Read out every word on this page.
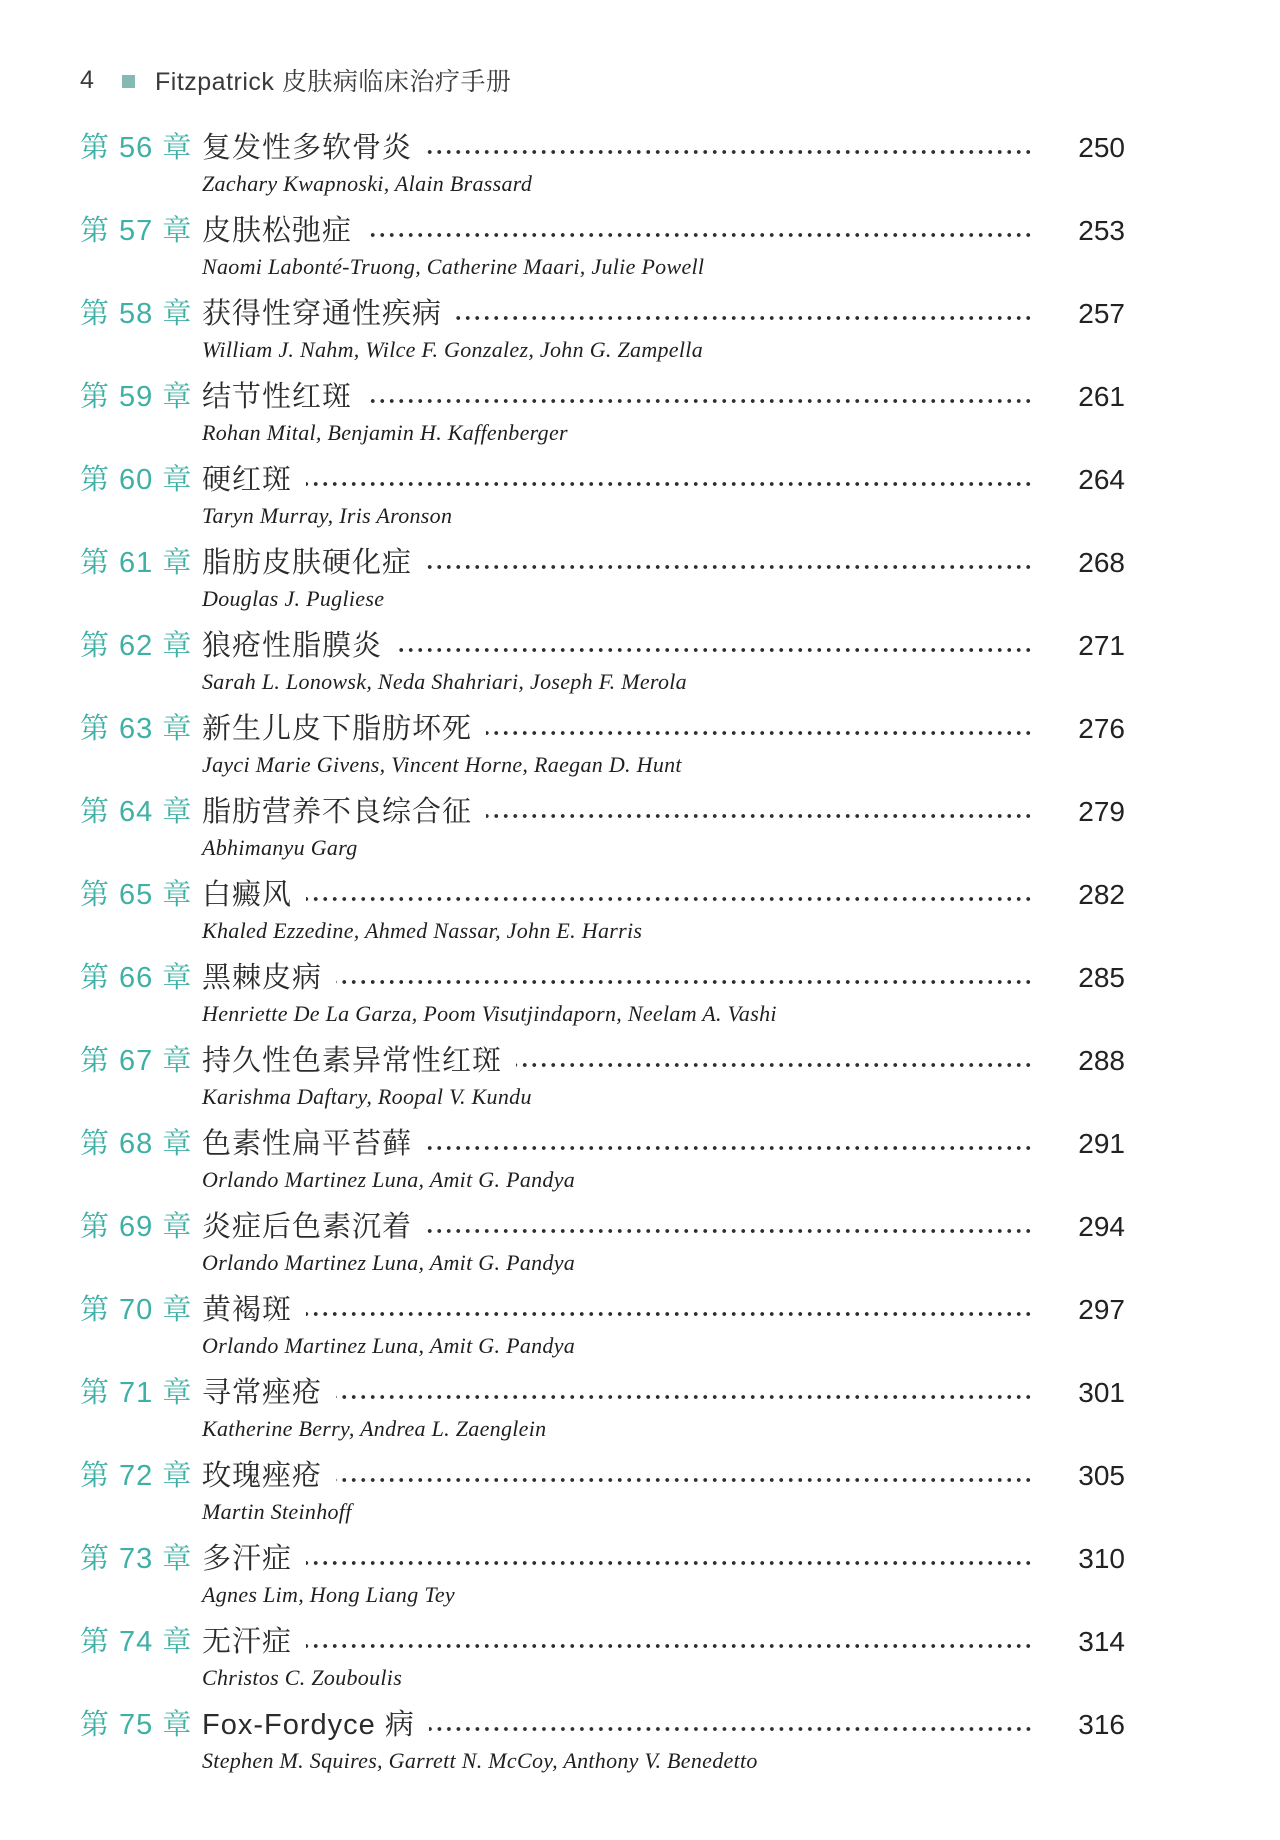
4 Fitzpatrick 皮肤病临床治疗手册
第 56 章 复发性多软骨炎	250
Zachary Kwapnoski, Alain Brassard
第 57 章 皮肤松弛症	253
Naomi Labonté-Truong, Catherine Maari, Julie Powell
第 58 章 获得性穿通性疾病	257
William J. Nahm, Wilce F. Gonzalez, John G. Zampella
第 59 章 结节性红斑	261
Rohan Mital, Benjamin H. Kaffenberger
第 60 章 硬红斑	264
Taryn Murray, Iris Aronson
第 61 章 脂肪皮肤硬化症	268
Douglas J. Pugliese
第 62 章 狼疮性脂膜炎	271
Sarah L. Lonowsk, Neda Shahriari, Joseph F. Merola
第 63 章 新生儿皮下脂肪坏死	276
Jayci Marie Givens, Vincent Horne, Raegan D. Hunt
第 64 章 脂肪营养不良综合征	279
Abhimanyu Garg
第 65 章 白癜风	282
Khaled Ezzedine, Ahmed Nassar, John E. Harris
第 66 章 黑棘皮病	285
Henriette De La Garza, Poom Visutjindaporn, Neelam A. Vashi
第 67 章 持久性色素异常性红斑	288
Karishma Daftary, Roopal V. Kundu
第 68 章 色素性扁平苔藓	291
Orlando Martinez Luna, Amit G. Pandya
第 69 章 炎症后色素沉着	294
Orlando Martinez Luna, Amit G. Pandya
第 70 章 黄褐斑	297
Orlando Martinez Luna, Amit G. Pandya
第 71 章 寻常痤疮	301
Katherine Berry, Andrea L. Zaenglein
第 72 章 玫瑰痤疮	305
Martin Steinhoff
第 73 章 多汗症	310
Agnes Lim, Hong Liang Tey
第 74 章 无汗症	314
Christos C. Zouboulis
第 75 章 Fox-Fordyce 病	316
Stephen M. Squires, Garrett N. McCoy, Anthony V. Benedetto
